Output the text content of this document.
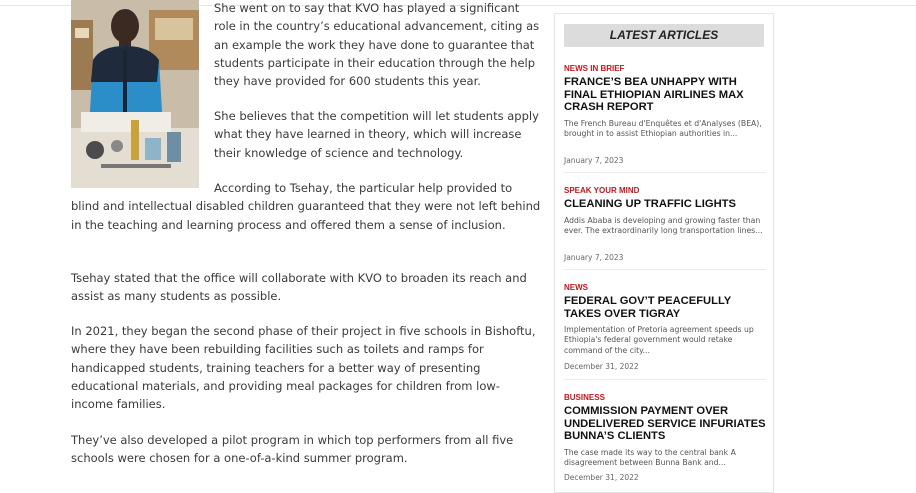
She went on to say that KVO has played a significant role in the country’s educational advancement, citing as an example the work they have done to guarantee that students participate in their education through the help they have provided for 600 students this year.

She believes that the competition will let students apply what they have learned in theory, which will increase their knowledge of science and technology.

According to Tsehay, the particular help provided to blind and intellectual disabled children guaranteed that they were not left behind in the teaching and learning process and offered them a sense of inclusion.

Tsehay stated that the office will collaborate with KVO to broaden its reach and assist as many students as possible.

In 2021, they began the second phase of their project in five schools in Bishoftu, where they have been rebuilding facilities such as toilets and ramps for handicapped students, training teachers for a better way of presenting educational materials, and providing meal packages for children from low-income families.

They’ve also developed a pilot program in which top performers from all five schools were chosen for a one-of-a-kind summer program.

LATEST ARTICLES

NEWS IN BRIEF

FRANCE’S BEA UNHAPPY WITH FINAL ETHIOPIAN AIRLINES MAX CRASH REPORT

The French Bureau d'Enquêtes et d'Analyses (BEA), brought in to assist Ethiopian authorities in...

January 7, 2023

SPEAK YOUR MIND

CLEANING UP TRAFFIC LIGHTS

Addis Ababa is developing and growing faster than ever. The extraordinarily long transportation lines...

January 7, 2023

NEWS

FEDERAL GOV’T PEACEFULLY TAKES OVER TIGRAY

Implementation of Pretoria agreement speeds up Ethiopia's federal government would retake command of the city...

December 31, 2022

BUSINESS

COMMISSION PAYMENT OVER UNDELIVERED SERVICE INFURIATES BUNNA’S CLIENTS

The case made its way to the central bank A disagreement between Bunna Bank and...

December 31, 2022
